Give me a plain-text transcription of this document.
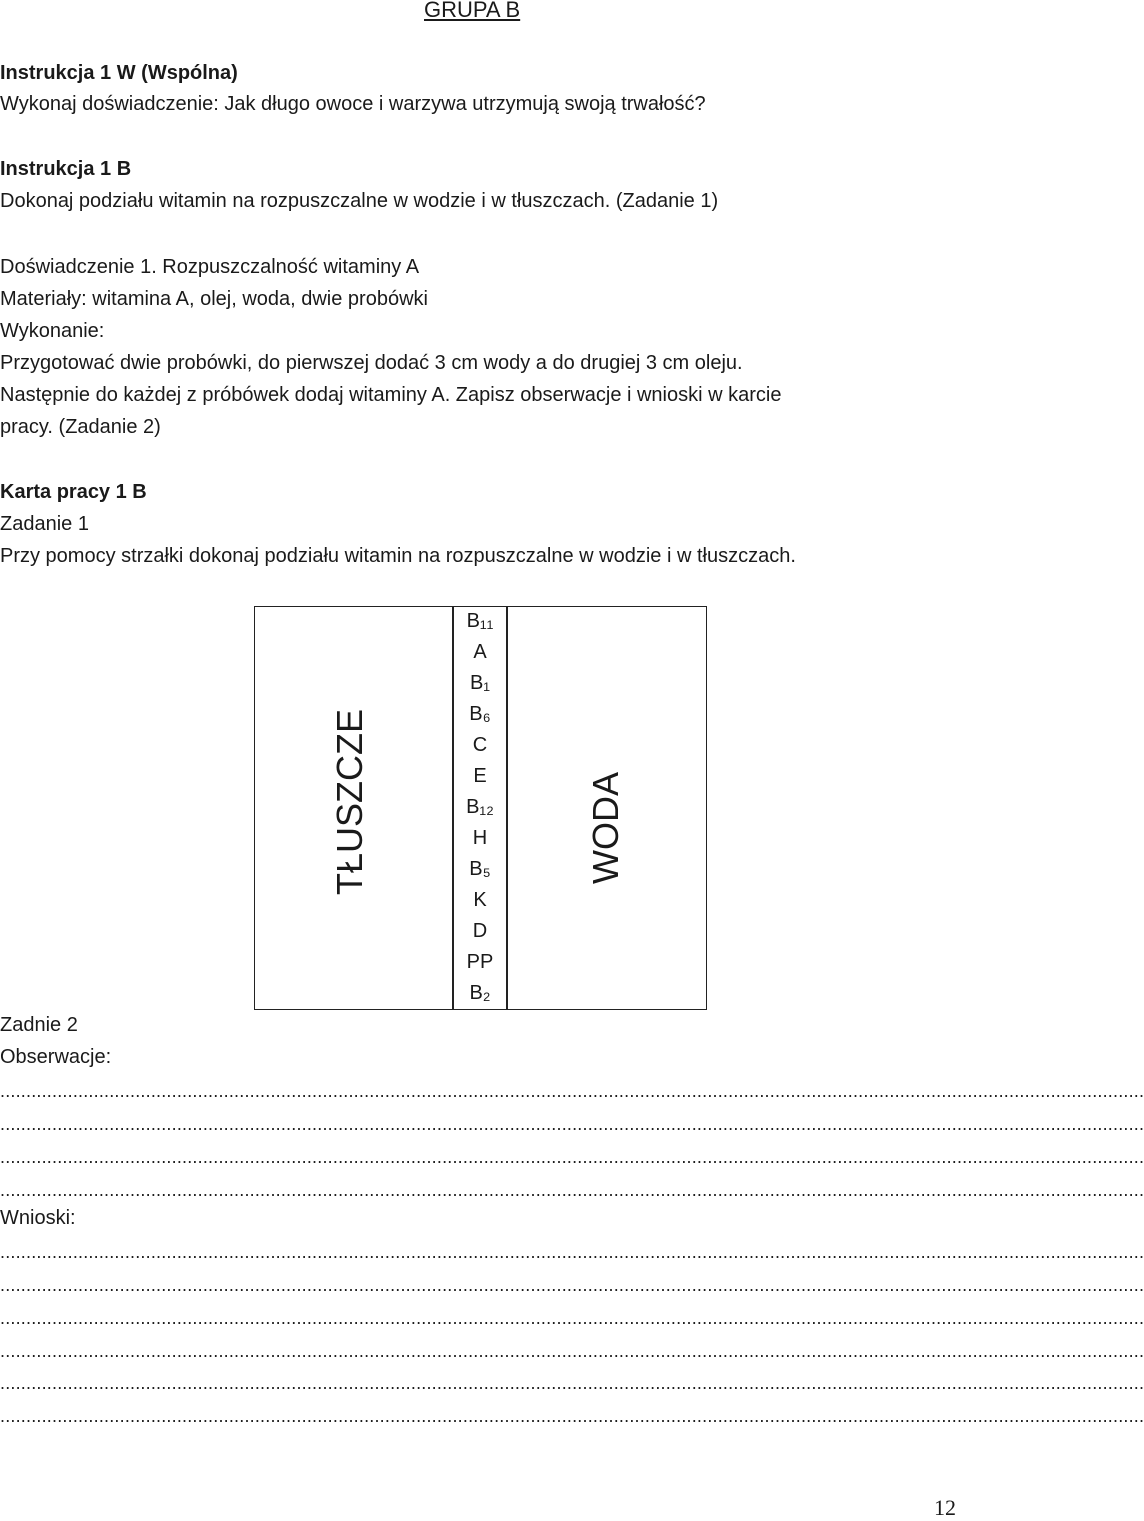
GRUPA B
Instrukcja 1 W (Wspólna)
Wykonaj doświadczenie: Jak długo owoce i warzywa utrzymują swoją trwałość?
Instrukcja 1 B
Dokonaj podziału witamin na rozpuszczalne w wodzie i w tłuszczach. (Zadanie 1)
Doświadczenie 1. Rozpuszczalność witaminy A
Materiały: witamina A, olej, woda, dwie probówki
Wykonanie:
Przygotować dwie probówki, do pierwszej dodać 3 cm wody a do drugiej 3 cm oleju.
Następnie do każdej z próbówek dodaj witaminy A. Zapisz obserwacje i wnioski w karcie
pracy. (Zadanie 2)
Karta pracy 1 B
Zadanie 1
Przy pomocy strzałki dokonaj podziału witamin na rozpuszczalne w wodzie i w tłuszczach.
TŁUSZCZE	WODA
B₁₁
A
B₁
B₆
C
E
B₁₂
H
B₅
K
D
PP
B₂
Zadnie 2
Obserwacje:
............................................................................................................................................................................................................................
............................................................................................................................................................................................................................
............................................................................................................................................................................................................................
............................................................................................................................................................................................................................
Wnioski:
............................................................................................................................................................................................................................
............................................................................................................................................................................................................................
............................................................................................................................................................................................................................
............................................................................................................................................................................................................................
............................................................................................................................................................................................................................
............................................................................................................................................................................................................................
12
